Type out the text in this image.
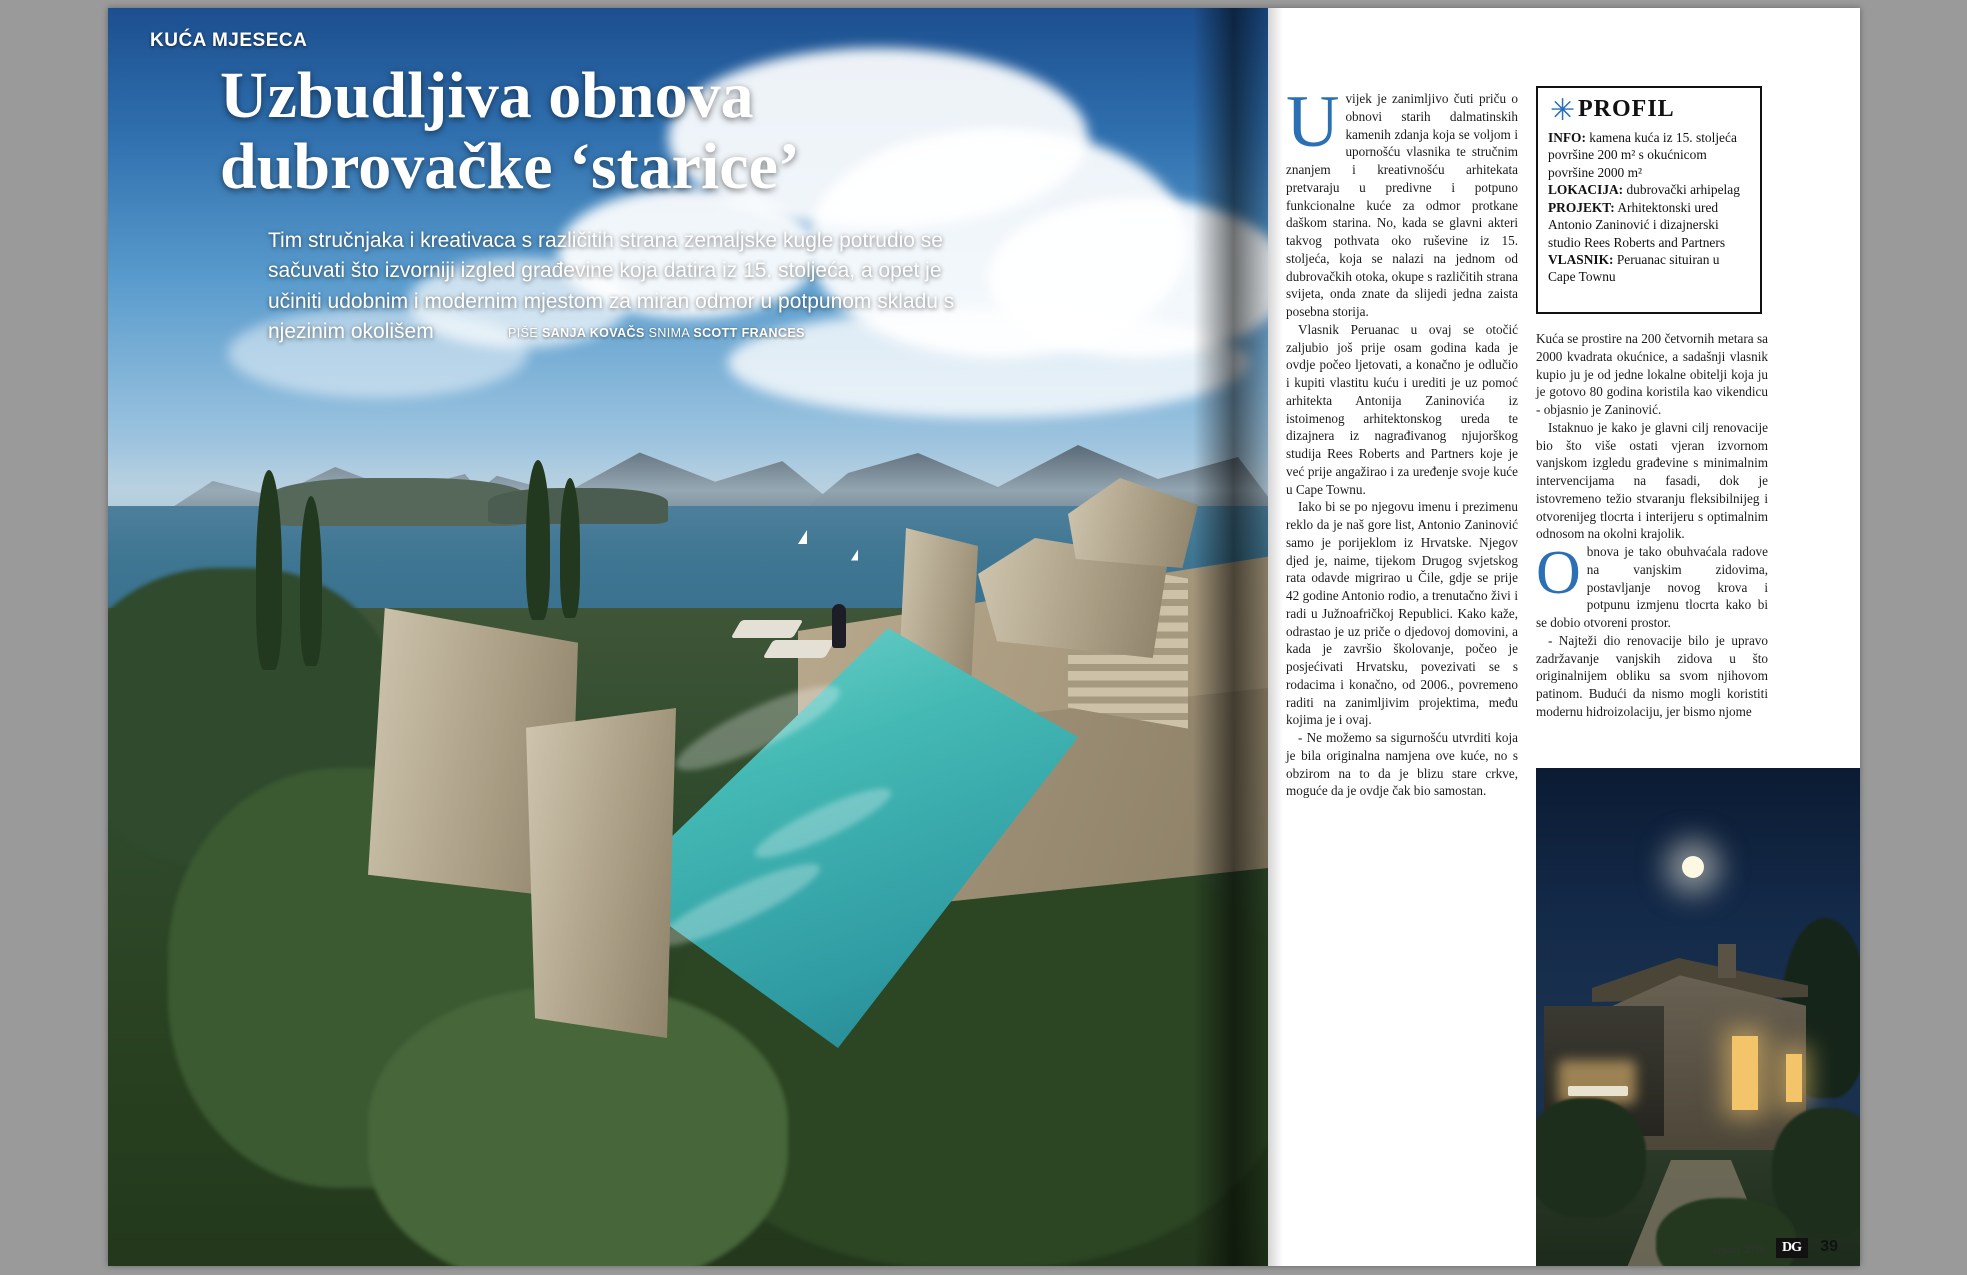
KUĆA MJESECA
Uzbudljiva obnova
dubrovačke ‘starice’
Tim stručnjaka i kreativaca s različitih strana zemaljske kugle potrudio se sačuvati što izvorniji izgled građevine koja datira iz 15. stoljeća, a opet je učiniti udobnim i modernim mjestom za miran odmor u potpunom skladu s njezinim okolišem	PIŠE SANJA KOVAČS SNIMA SCOTT FRANCES

Uvijek je zanimljivo čuti priču o obnovi starih dalmatinskih kamenih zdanja koja se voljom i upornošću vlasnika te stručnim znanjem i kreativnošću arhitekata pretvaraju u predivne i potpuno funkcionalne kuće za odmor protkane daškom starina. No, kada se glavni akteri takvog pothvata oko ruševine iz 15. stoljeća, koja se nalazi na jednom od dubrovačkih otoka, okupe s različitih strana svijeta, onda znate da slijedi jedna zaista posebna storija.

Vlasnik Peruanac u ovaj se otočić zaljubio još prije osam godina kada je ovdje počeo ljetovati, a konačno je odlučio i kupiti vlastitu kuću i urediti je uz pomoć arhitekta Antonija Zaninovića iz istoimenog arhitektonskog ureda te dizajnera iz nagrađivanog njujorškog studija Rees Roberts and Partners koje je već prije angažirao i za uređenje svoje kuće u Cape Townu.

Iako bi se po njegovu imenu i prezimenu reklo da je naš gore list, Antonio Zaninović samo je porijeklom iz Hrvatske. Njegov djed je, naime, tijekom Drugog svjetskog rata odavde migrirao u Čile, gdje se prije 42 godine Antonio rodio, a trenutačno živi i radi u Južnoafričkoj Republici. Kako kaže, odrastao je uz priče o djedovoj domovini, a kada je završio školovanje, počeo je posjećivati Hrvatsku, povezivati se s rodacima i konačno, od 2006., povremeno raditi na zanimljivim projektima, među kojima je i ovaj.

- Ne možemo sa sigurnošću utvrditi koja je bila originalna namjena ove kuće, no s obzirom na to da je blizu stare crkve, moguće da je ovdje čak bio samostan.

✳ PROFIL
INFO: kamena kuća iz 15. stoljeća površine 200 m² s okućnicom površine 2000 m²
LOKACIJA: dubrovački arhipelag
PROJEKT: Arhitektonski ured Antonio Zaninović i dizajnerski studio Rees Roberts and Partners
VLASNIK: Peruanac situiran u Cape Townu

Kuća se prostire na 200 četvornih metara sa 2000 kvadrata okućnice, a sadašnji vlasnik kupio ju je od jedne lokalne obitelji koja ju je gotovo 80 godina koristila kao vikendicu - objasnio je Zaninović.

Istaknuo je kako je glavni cilj renovacije bio što više ostati vjeran izvornom vanjskom izgledu građevine s minimalnim intervencijama na fasadi, dok je istovremeno težio stvaranju fleksibilnijeg i otvorenijeg tlocrta i interijeru s optimalnim odnosom na okolni krajolik.

Obnova je tako obuhvaćala radove na vanjskim zidovima, postavljanje novog krova i potpunu izmjenu tlocrta kako bi se dobio otvoreni prostor.

- Najteži dio renovacije bilo je upravo zadržavanje vanjskih zidova u što originalnijem obliku sa svom njihovom patinom. Budući da nismo mogli koristiti modernu hidroizolaciju, jer bismo njome

srpanj 2016.	DG	39
